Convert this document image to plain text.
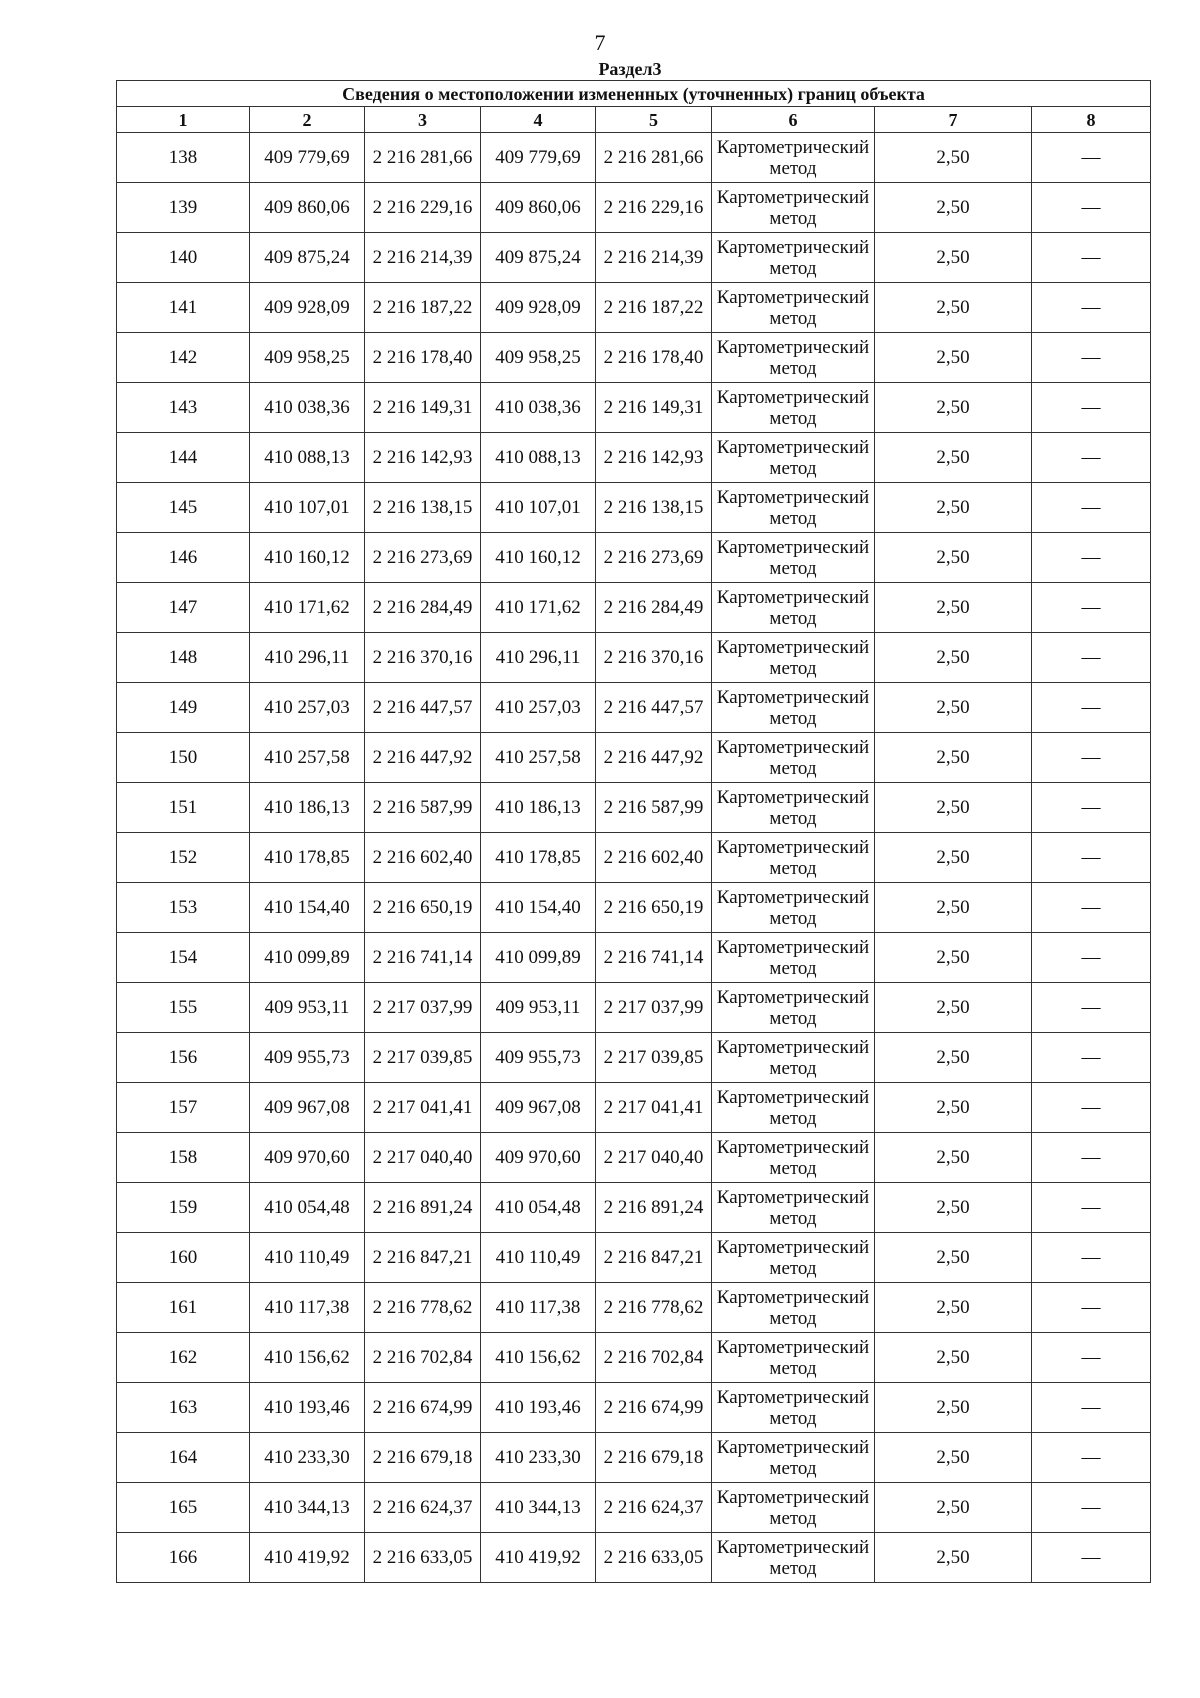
7
Раздел3
Сведения о местоположении измененных (уточненных) границ объекта							
1	2	3	4	5	6	7	8
138	409 779,69	2 216 281,66	409 779,69	2 216 281,66	Картометрический метод	2,50	—
139	409 860,06	2 216 229,16	409 860,06	2 216 229,16	Картометрический метод	2,50	—
140	409 875,24	2 216 214,39	409 875,24	2 216 214,39	Картометрический метод	2,50	—
141	409 928,09	2 216 187,22	409 928,09	2 216 187,22	Картометрический метод	2,50	—
142	409 958,25	2 216 178,40	409 958,25	2 216 178,40	Картометрический метод	2,50	—
143	410 038,36	2 216 149,31	410 038,36	2 216 149,31	Картометрический метод	2,50	—
144	410 088,13	2 216 142,93	410 088,13	2 216 142,93	Картометрический метод	2,50	—
145	410 107,01	2 216 138,15	410 107,01	2 216 138,15	Картометрический метод	2,50	—
146	410 160,12	2 216 273,69	410 160,12	2 216 273,69	Картометрический метод	2,50	—
147	410 171,62	2 216 284,49	410 171,62	2 216 284,49	Картометрический метод	2,50	—
148	410 296,11	2 216 370,16	410 296,11	2 216 370,16	Картометрический метод	2,50	—
149	410 257,03	2 216 447,57	410 257,03	2 216 447,57	Картометрический метод	2,50	—
150	410 257,58	2 216 447,92	410 257,58	2 216 447,92	Картометрический метод	2,50	—
151	410 186,13	2 216 587,99	410 186,13	2 216 587,99	Картометрический метод	2,50	—
152	410 178,85	2 216 602,40	410 178,85	2 216 602,40	Картометрический метод	2,50	—
153	410 154,40	2 216 650,19	410 154,40	2 216 650,19	Картометрический метод	2,50	—
154	410 099,89	2 216 741,14	410 099,89	2 216 741,14	Картометрический метод	2,50	—
155	409 953,11	2 217 037,99	409 953,11	2 217 037,99	Картометрический метод	2,50	—
156	409 955,73	2 217 039,85	409 955,73	2 217 039,85	Картометрический метод	2,50	—
157	409 967,08	2 217 041,41	409 967,08	2 217 041,41	Картометрический метод	2,50	—
158	409 970,60	2 217 040,40	409 970,60	2 217 040,40	Картометрический метод	2,50	—
159	410 054,48	2 216 891,24	410 054,48	2 216 891,24	Картометрический метод	2,50	—
160	410 110,49	2 216 847,21	410 110,49	2 216 847,21	Картометрический метод	2,50	—
161	410 117,38	2 216 778,62	410 117,38	2 216 778,62	Картометрический метод	2,50	—
162	410 156,62	2 216 702,84	410 156,62	2 216 702,84	Картометрический метод	2,50	—
163	410 193,46	2 216 674,99	410 193,46	2 216 674,99	Картометрический метод	2,50	—
164	410 233,30	2 216 679,18	410 233,30	2 216 679,18	Картометрический метод	2,50	—
165	410 344,13	2 216 624,37	410 344,13	2 216 624,37	Картометрический метод	2,50	—
166	410 419,92	2 216 633,05	410 419,92	2 216 633,05	Картометрический метод	2,50	—
